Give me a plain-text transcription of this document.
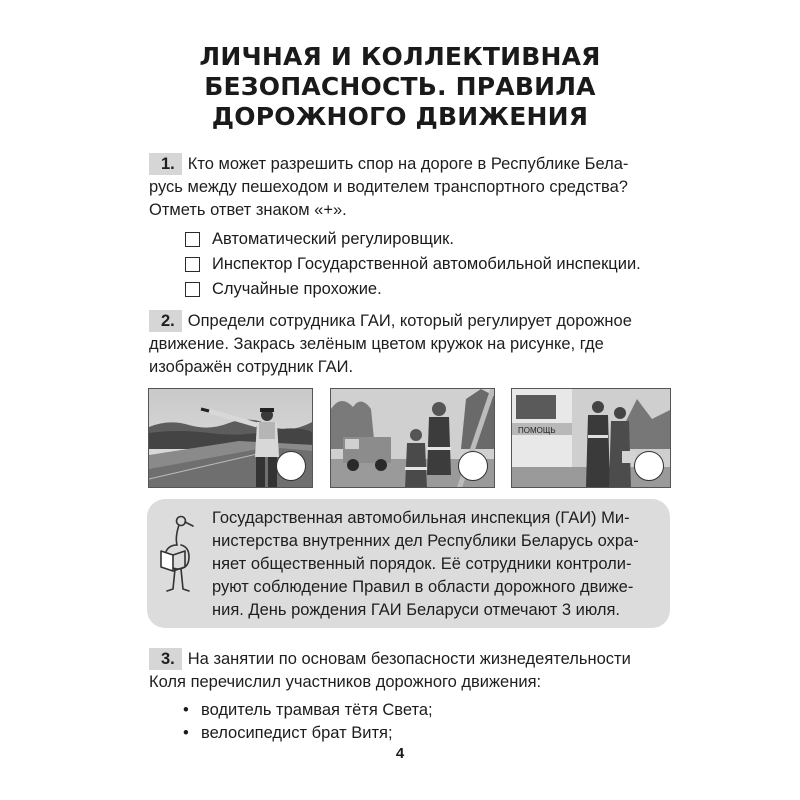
ЛИЧНАЯ И КОЛЛЕКТИВНАЯ
БЕЗОПАСНОСТЬ. ПРАВИЛА
ДОРОЖНОГО ДВИЖЕНИЯ
1. Кто может разрешить спор на дороге в Республике Бела-
русь между пешеходом и водителем транспортного средства?
Отметь ответ знаком «+».
Автоматический регулировщик.
Инспектор Государственной автомобильной инспекции.
Случайные прохожие.
2. Определи сотрудника ГАИ, который регулирует дорожное
движение. Закрась зелёным цветом кружок на рисунке, где
изображён сотрудник ГАИ.
ПОМОЩЬ
Государственная автомобильная инспекция (ГАИ) Ми-
нистерства внутренних дел Республики Беларусь охра-
няет общественный порядок. Её сотрудники контроли-
руют соблюдение Правил в области дорожного движе-
ния. День рождения ГАИ Беларуси отмечают 3 июля.
3. На занятии по основам безопасности жизнедеятельности
Коля перечислил участников дорожного движения:
• водитель трамвая тётя Света;
• велосипедист брат Витя;
4
